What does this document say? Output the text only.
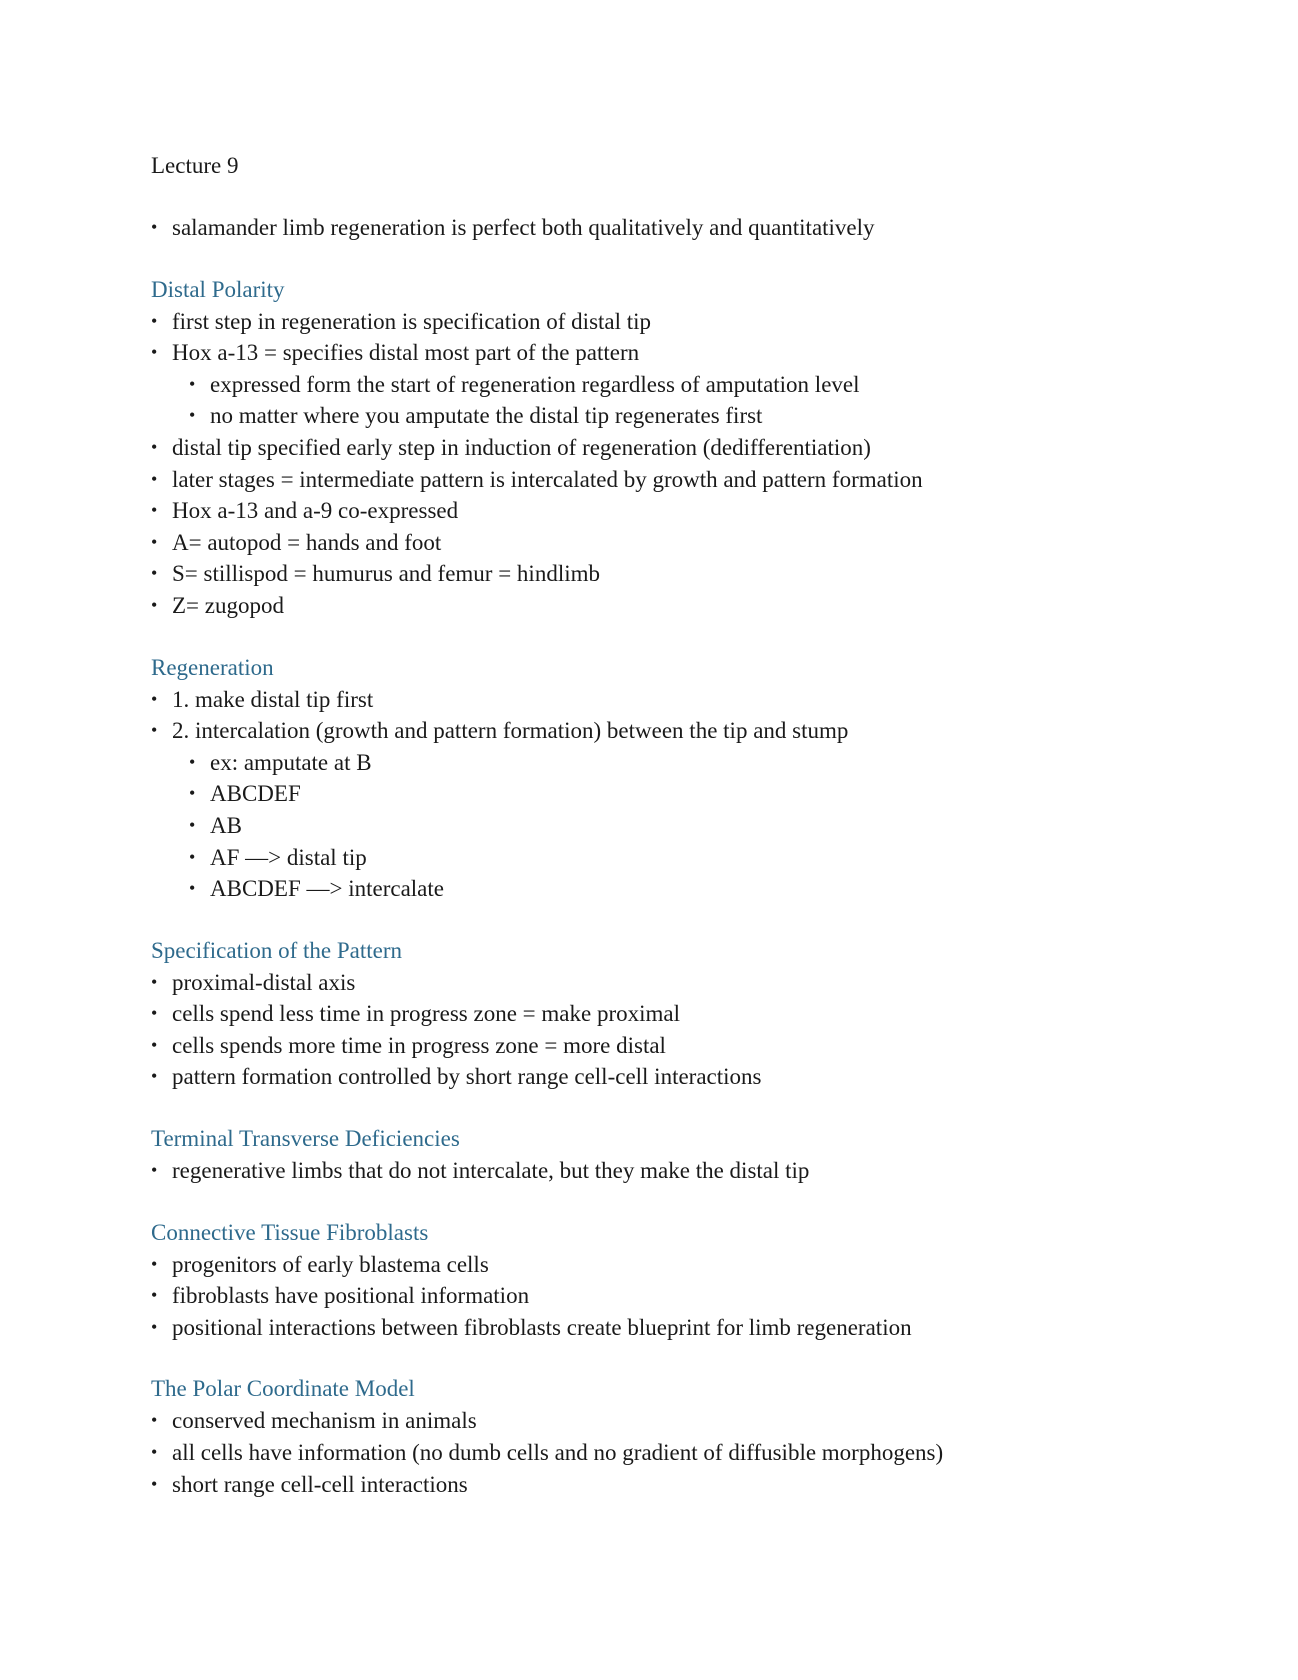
Lecture 9
• salamander limb regeneration is perfect both qualitatively and quantitatively
Distal Polarity
• first step in regeneration is specification of distal tip
• Hox a-13 = specifies distal most part of the pattern
• expressed form the start of regeneration regardless of amputation level
• no matter where you amputate the distal tip regenerates first
• distal tip specified early step in induction of regeneration (dedifferentiation)
• later stages = intermediate pattern is intercalated by growth and pattern formation
• Hox a-13 and a-9 co-expressed
• A= autopod = hands and foot
• S= stillispod = humurus and femur = hindlimb
• Z= zugopod
Regeneration
• 1. make distal tip first
• 2. intercalation (growth and pattern formation) between the tip and stump
• ex: amputate at B
• ABCDEF
• AB
• AF —> distal tip
• ABCDEF —> intercalate
Specification of the Pattern
• proximal-distal axis
• cells spend less time in progress zone = make proximal
• cells spends more time in progress zone = more distal
• pattern formation controlled by short range cell-cell interactions
Terminal Transverse Deficiencies
• regenerative limbs that do not intercalate, but they make the distal tip
Connective Tissue Fibroblasts
• progenitors of early blastema cells
• fibroblasts have positional information
• positional interactions between fibroblasts create blueprint for limb regeneration
The Polar Coordinate Model
• conserved mechanism in animals
• all cells have information (no dumb cells and no gradient of diffusible morphogens)
• short range cell-cell interactions
